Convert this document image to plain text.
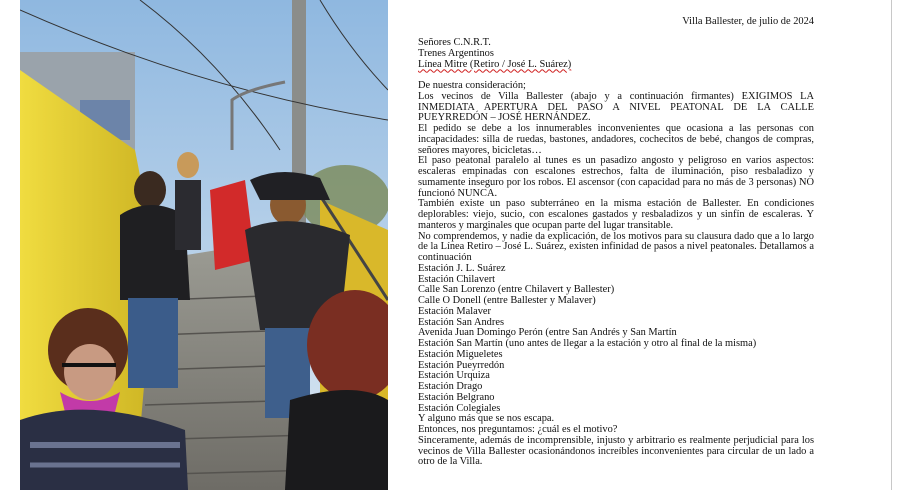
Villa Ballester, de julio de 2024

Señores C.N.R.T.

Trenes Argentinos

Línea Mitre (Retiro / José L. Suárez)

De nuestra consideración;

Los vecinos de Villa Ballester (abajo y a continuación firmantes) EXIGIMOS LA INMEDIATA APERTURA DEL PASO A NIVEL PEATONAL DE LA CALLE PUEYRREDÓN – JOSÉ HERNÁNDEZ.

El pedido se debe a los innumerables inconvenientes que ocasiona a las personas con incapacidades: silla de ruedas, bastones, andadores, cochecitos de bebé, changos de compras, señores mayores, bicicletas…

El paso peatonal paralelo al tunes es un pasadizo angosto y peligroso en varios aspectos: escaleras empinadas con escalones estrechos, falta de iluminación, piso resbaladizo y sumamente inseguro por los robos. El ascensor (con capacidad para no más de 3 personas) NO funcionó NUNCA.

También existe un paso subterráneo en la misma estación de Ballester. En condiciones deplorables: viejo, sucio, con escalones gastados y resbaladizos y un sinfín de escaleras. Y manteros y marginales que ocupan parte del lugar transitable.

No comprendemos, y nadie da explicación, de los motivos para su clausura dado que a lo largo de la Línea Retiro – José L. Suárez, existen infinidad de pasos a nivel peatonales. Detallamos a continuación

Estación J. L. Suárez

Estación Chilavert

Calle San Lorenzo (entre Chilavert y Ballester)

Calle O Donell (entre Ballester y Malaver)

Estación Malaver

Estación San Andres

Avenida Juan Domingo Perón (entre San Andrés y San Martín

Estación San Martín (uno antes de llegar a la estación y otro al final de la misma)

Estación Migueletes

Estación Pueyrredón

Estación Urquiza

Estación Drago

Estación Belgrano

Estación Colegiales

Y alguno más que se nos escapa.

Entonces, nos preguntamos: ¿cuál es el motivo?

Sinceramente, además de incomprensible, injusto y arbitrario es realmente perjudicial para los vecinos de Villa Ballester ocasionándonos increíbles inconvenientes para circular de un lado a otro de la Villa.
